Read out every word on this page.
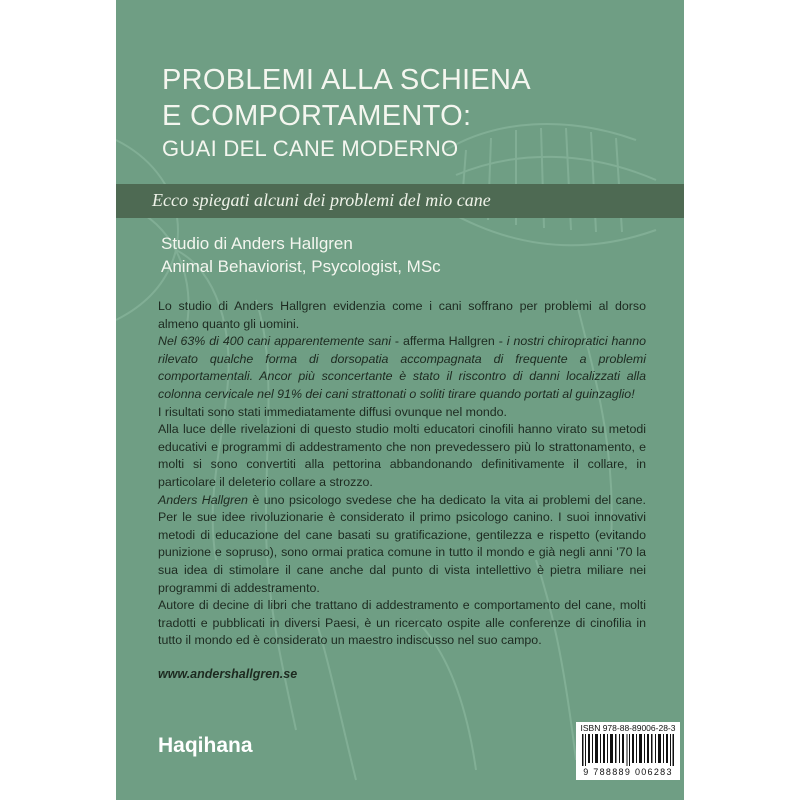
PROBLEMI ALLA SCHIENA
E COMPORTAMENTO:
GUAI DEL CANE MODERNO
Ecco spiegati alcuni dei problemi del mio cane
Studio di Anders Hallgren
Animal Behaviorist, Psycologist, MSc

Lo studio di Anders Hallgren evidenzia come i cani soffrano per problemi al dorso almeno quanto gli uomini.

Nel 63% di 400 cani apparentemente sani - afferma Hallgren - i nostri chiropratici hanno rilevato qualche forma di dorsopatia accompagnata di frequente a problemi comportamentali. Ancor più sconcertante è stato il riscontro di danni localizzati alla colonna cervicale nel 91% dei cani strattonati o soliti tirare quando portati al guinzaglio!

I risultati sono stati immediatamente diffusi ovunque nel mondo.

Alla luce delle rivelazioni di questo studio molti educatori cinofili hanno virato su metodi educativi e programmi di addestramento che non prevedessero più lo strattonamento, e molti si sono convertiti alla pettorina abbandonando definitivamente il collare, in particolare il deleterio collare a strozzo.

Anders Hallgren è uno psicologo svedese che ha dedicato la vita ai problemi del cane. Per le sue idee rivoluzionarie è considerato il primo psicologo canino. I suoi innovativi metodi di educazione del cane basati su gratificazione, gentilezza e rispetto (evitando punizione e sopruso), sono ormai pratica comune in tutto il mondo e già negli anni '70 la sua idea di stimolare il cane anche dal punto di vista intellettivo è pietra miliare nei programmi di addestramento.

Autore di decine di libri che trattano di addestramento e comportamento del cane, molti tradotti e pubblicati in diversi Paesi, è un ricercato ospite alle conferenze di cinofilia in tutto il mondo ed è considerato un maestro indiscusso nel suo campo.

www.andershallgren.se
Haqihana
ISBN 978-88-89006-28-3
9 788889 006283
